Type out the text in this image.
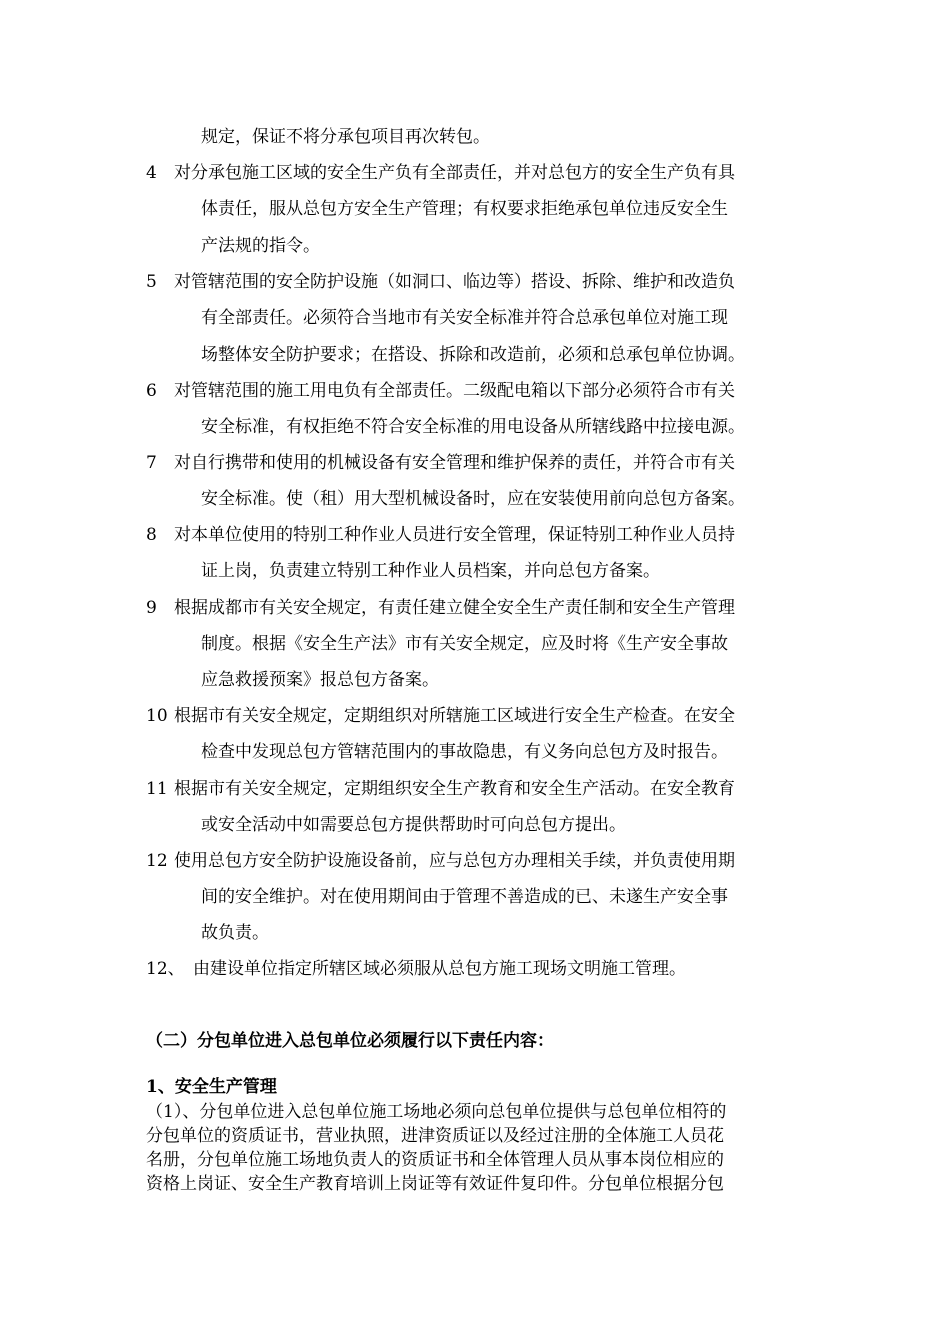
规定，保证不将分承包项目再次转包。
4 对分承包施工区域的安全生产负有全部责任，并对总包方的安全生产负有具
体责任，服从总包方安全生产管理；有权要求拒绝承包单位违反安全生
产法规的指令。
5 对管辖范围的安全防护设施（如洞口、临边等）搭设、拆除、维护和改造负
有全部责任。必须符合当地市有关安全标准并符合总承包单位对施工现
场整体安全防护要求；在搭设、拆除和改造前，必须和总承包单位协调。
6 对管辖范围的施工用电负有全部责任。二级配电箱以下部分必须符合市有关
安全标准，有权拒绝不符合安全标准的用电设备从所辖线路中拉接电源。
7 对自行携带和使用的机械设备有安全管理和维护保养的责任，并符合市有关
安全标准。使（租）用大型机械设备时，应在安装使用前向总包方备案。
8 对本单位使用的特别工种作业人员进行安全管理，保证特别工种作业人员持
证上岗，负责建立特别工种作业人员档案，并向总包方备案。
9 根据成都市有关安全规定，有责任建立健全安全生产责任制和安全生产管理
制度。根据《安全生产法》市有关安全规定，应及时将《生产安全事故
应急救援预案》报总包方备案。
10 根据市有关安全规定，定期组织对所辖施工区域进行安全生产检查。在安全
检查中发现总包方管辖范围内的事故隐患，有义务向总包方及时报告。
11 根据市有关安全规定，定期组织安全生产教育和安全生产活动。在安全教育
或安全活动中如需要总包方提供帮助时可向总包方提出。
12 使用总包方安全防护设施设备前，应与总包方办理相关手续，并负责使用期
间的安全维护。对在使用期间由于管理不善造成的已、未遂生产安全事
故负责。
12、 由建设单位指定所辖区域必须服从总包方施工现场文明施工管理。
（二）分包单位进入总包单位必须履行以下责任内容：
1、安全生产管理
（1）、分包单位进入总包单位施工场地必须向总包单位提供与总包单位相符的
分包单位的资质证书，营业执照，进津资质证以及经过注册的全体施工人员花
名册，分包单位施工场地负责人的资质证书和全体管理人员从事本岗位相应的
资格上岗证、安全生产教育培训上岗证等有效证件复印件。分包单位根据分包
